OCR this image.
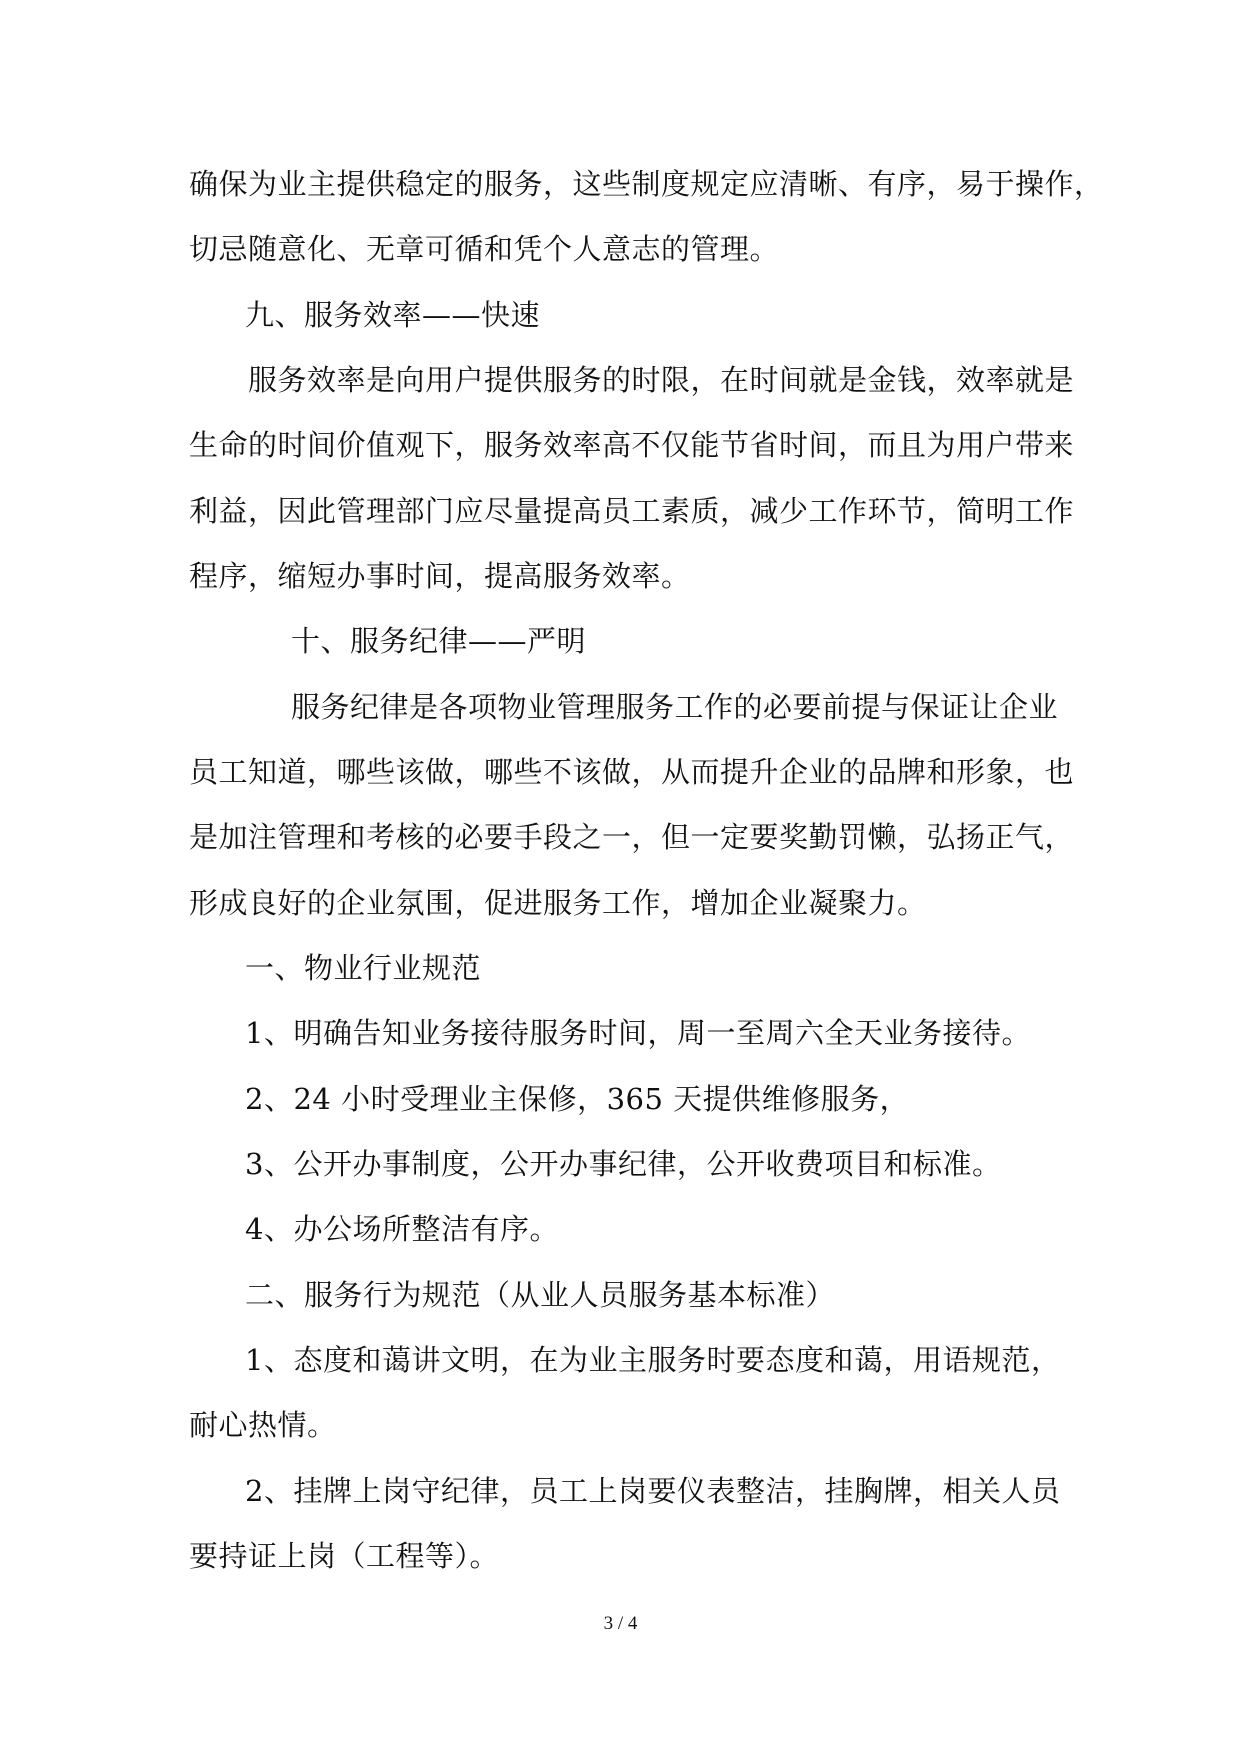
确保为业主提供稳定的服务，这些制度规定应清晰、有序，易于操作，

切忌随意化、无章可循和凭个人意志的管理。

九、服务效率——快速

服务效率是向用户提供服务的时限，在时间就是金钱，效率就是

生命的时间价值观下，服务效率高不仅能节省时间，而且为用户带来

利益，因此管理部门应尽量提高员工素质，减少工作环节，简明工作

程序，缩短办事时间，提高服务效率。

十、服务纪律——严明

服务纪律是各项物业管理服务工作的必要前提与保证让企业

员工知道，哪些该做，哪些不该做，从而提升企业的品牌和形象，也

是加注管理和考核的必要手段之一，但一定要奖勤罚懒，弘扬正气，

形成良好的企业氛围，促进服务工作，增加企业凝聚力。

一、物业行业规范

1、明确告知业务接待服务时间，周一至周六全天业务接待。

2、24 小时受理业主保修，365 天提供维修服务，

3、公开办事制度，公开办事纪律，公开收费项目和标准。

4、办公场所整洁有序。

二、服务行为规范（从业人员服务基本标准）

1、态度和蔼讲文明，在为业主服务时要态度和蔼，用语规范，

耐心热情。

2、挂牌上岗守纪律，员工上岗要仪表整洁，挂胸牌，相关人员

要持证上岗（工程等）。

3 / 4
